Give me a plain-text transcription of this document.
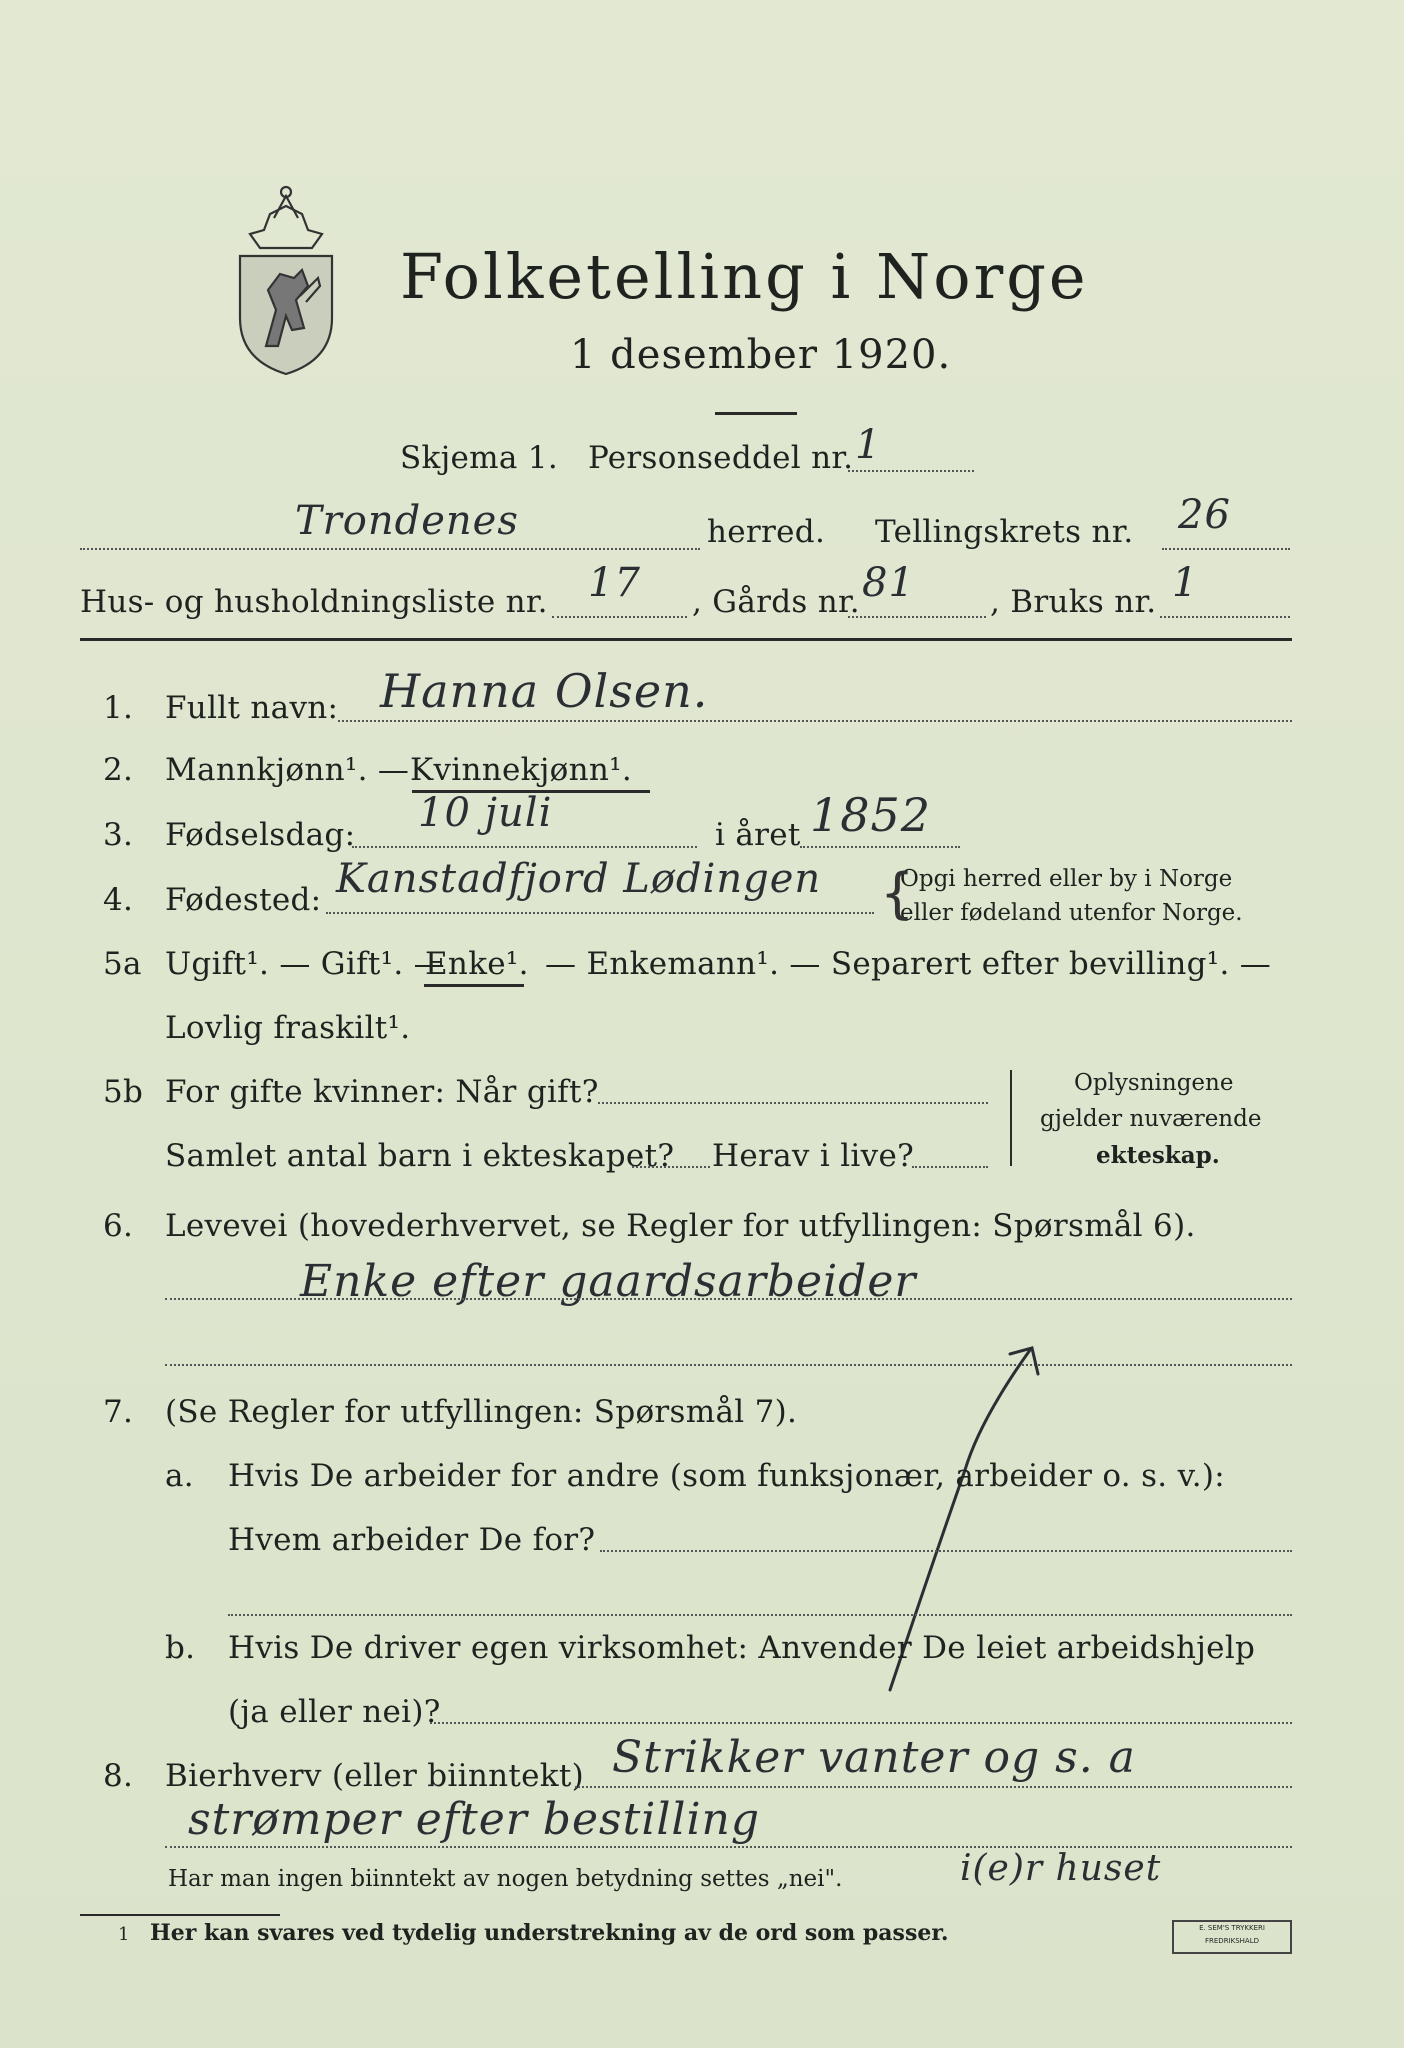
Folketelling i Norge
1 desember 1920.
Skjema 1. Personseddel nr. 1
Trondenes	herred. Tellingskrets nr. 26
Hus- og husholdningsliste nr. 17 , Gårds nr. 81 , Bruks nr. 1
1.	Fullt navn: Hanna Olsen.
2.	Mannkjønn¹. — Kvinnekjønn¹.
3.	Fødselsdag: 10 juli	i året 1852
4.	Fødested: Kanstadfjord Lødingen	Opgi herred eller by i Norge
eller fødeland utenfor Norge.
{
5a Ugift¹. — Gift¹. —
Enke¹. — Enkemann¹. — Separert efter bevilling¹. —
Lovlig fraskilt¹.
5b For gifte kvinner: Når gift?
Samlet antal barn i ekteskapet? Herav i live?
Oplysningene
gjelder nuværende
ekteskap.
6.	Levevei (hovederhvervet, se Regler for utfyllingen: Spørsmål 6).
Enke efter gaardsarbeider
7.	(Se Regler for utfyllingen: Spørsmål 7).
a. Hvis De arbeider for andre (som funksjonær, arbeider o. s. v.):
Hvem arbeider De for?
b. Hvis De driver egen virksomhet: Anvender De leiet arbeidshjelp
(ja eller nei)?
8.	Bierhverv (eller biinntekt) Strikker vanter og s. a
strømper efter bestilling
Har man ingen biinntekt av nogen betydning settes „nei".	i(e)r huset
1 Her kan svares ved tydelig understrekning av de ord som passer.	E. SEM'S TRYKKERI FREDRIKSHALD
